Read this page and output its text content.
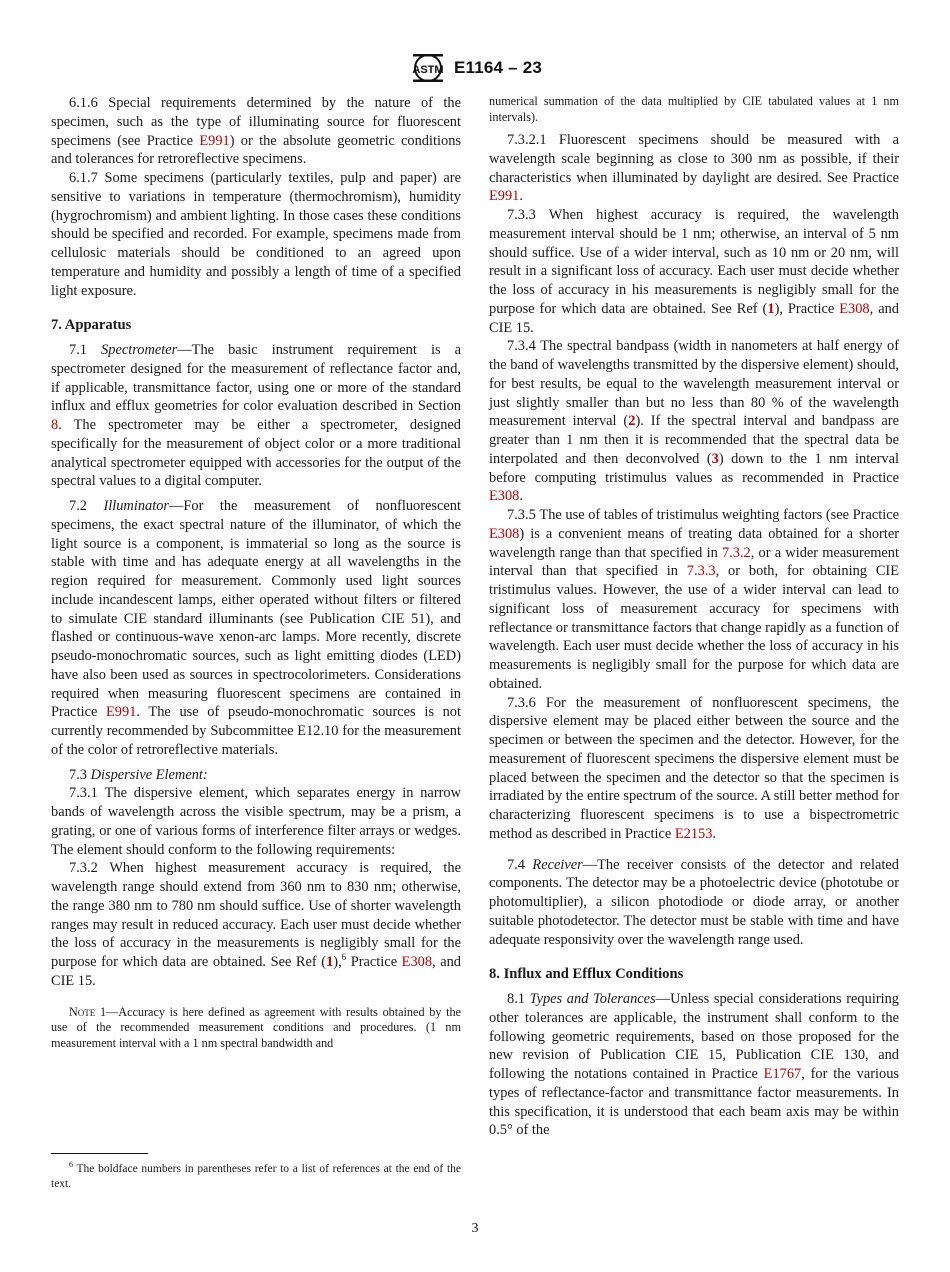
ASTM E1164 – 23

6.1.6 Special requirements determined by the nature of the specimen, such as the type of illuminating source for fluorescent specimens (see Practice E991) or the absolute geometric conditions and tolerances for retroreflective specimens.

6.1.7 Some specimens (particularly textiles, pulp and paper) are sensitive to variations in temperature (thermochromism), humidity (hygrochromism) and ambient lighting. In those cases these conditions should be specified and recorded. For example, specimens made from cellulosic materials should be conditioned to an agreed upon temperature and humidity and possibly a length of time of a specified light exposure.

7. Apparatus

7.1 Spectrometer—The basic instrument requirement is a spectrometer designed for the measurement of reflectance factor and, if applicable, transmittance factor, using one or more of the standard influx and efflux geometries for color evaluation described in Section 8. The spectrometer may be either a spectrometer, designed specifically for the measurement of object color or a more traditional analytical spectrometer equipped with accessories for the output of the spectral values to a digital computer.

7.2 Illuminator—For the measurement of nonfluorescent specimens, the exact spectral nature of the illuminator, of which the light source is a component, is immaterial so long as the source is stable with time and has adequate energy at all wavelengths in the region required for measurement. Commonly used light sources include incandescent lamps, either operated without filters or filtered to simulate CIE standard illuminants (see Publication CIE 51), and flashed or continuous-wave xenon-arc lamps. More recently, discrete pseudo-monochromatic sources, such as light emitting diodes (LED) have also been used as sources in spectrocolorimeters. Considerations required when measuring fluorescent specimens are contained in Practice E991. The use of pseudo-monochromatic sources is not currently recommended by Subcommittee E12.10 for the measurement of the color of retroreflective materials.

7.3 Dispersive Element:

7.3.1 The dispersive element, which separates energy in narrow bands of wavelength across the visible spectrum, may be a prism, a grating, or one of various forms of interference filter arrays or wedges. The element should conform to the following requirements:

7.3.2 When highest measurement accuracy is required, the wavelength range should extend from 360 nm to 830 nm; otherwise, the range 380 nm to 780 nm should suffice. Use of shorter wavelength ranges may result in reduced accuracy. Each user must decide whether the loss of accuracy in the measurements is negligibly small for the purpose for which data are obtained. See Ref (1),$^6$ Practice E308, and CIE 15.

Note 1—Accuracy is here defined as agreement with results obtained by the use of the recommended measurement conditions and procedures. (1 nm measurement interval with a 1 nm spectral bandwidth and
$^6$ The boldface numbers in parentheses refer to a list of references at the end of the text.
numerical summation of the data multiplied by CIE tabulated values at 1 nm intervals).

7.3.2.1 Fluorescent specimens should be measured with a wavelength scale beginning as close to 300 nm as possible, if their characteristics when illuminated by daylight are desired. See Practice E991.

7.3.3 When highest accuracy is required, the wavelength measurement interval should be 1 nm; otherwise, an interval of 5 nm should suffice. Use of a wider interval, such as 10 nm or 20 nm, will result in a significant loss of accuracy. Each user must decide whether the loss of accuracy in his measurements is negligibly small for the purpose for which data are obtained. See Ref (1), Practice E308, and CIE 15.

7.3.4 The spectral bandpass (width in nanometers at half energy of the band of wavelengths transmitted by the dispersive element) should, for best results, be equal to the wavelength measurement interval or just slightly smaller than but no less than 80 % of the wavelength measurement interval (2). If the spectral interval and bandpass are greater than 1 nm then it is recommended that the spectral data be interpolated and then deconvolved (3) down to the 1 nm interval before computing tristimulus values as recommended in Practice E308.

7.3.5 The use of tables of tristimulus weighting factors (see Practice E308) is a convenient means of treating data obtained for a shorter wavelength range than that specified in 7.3.2, or a wider measurement interval than that specified in 7.3.3, or both, for obtaining CIE tristimulus values. However, the use of a wider interval can lead to significant loss of measurement accuracy for specimens with reflectance or transmittance factors that change rapidly as a function of wavelength. Each user must decide whether the loss of accuracy in his measurements is negligibly small for the purpose for which data are obtained.

7.3.6 For the measurement of nonfluorescent specimens, the dispersive element may be placed either between the source and the specimen or between the specimen and the detector. However, for the measurement of fluorescent specimens the dispersive element must be placed between the specimen and the detector so that the specimen is irradiated by the entire spectrum of the source. A still better method for characterizing fluorescent specimens is to use a bispectrometric method as described in Practice E2153.

7.4 Receiver—The receiver consists of the detector and related components. The detector may be a photoelectric device (phototube or photomultiplier), a silicon photodiode or diode array, or another suitable photodetector. The detector must be stable with time and have adequate responsivity over the wavelength range used.

8. Influx and Efflux Conditions

8.1 Types and Tolerances—Unless special considerations requiring other tolerances are applicable, the instrument shall conform to the following geometric requirements, based on those proposed for the new revision of Publication CIE 15, Publication CIE 130, and following the notations contained in Practice E1767, for the various types of reflectance-factor and transmittance factor measurements. In this specification, it is understood that each beam axis may be within 0.5° of the

3
